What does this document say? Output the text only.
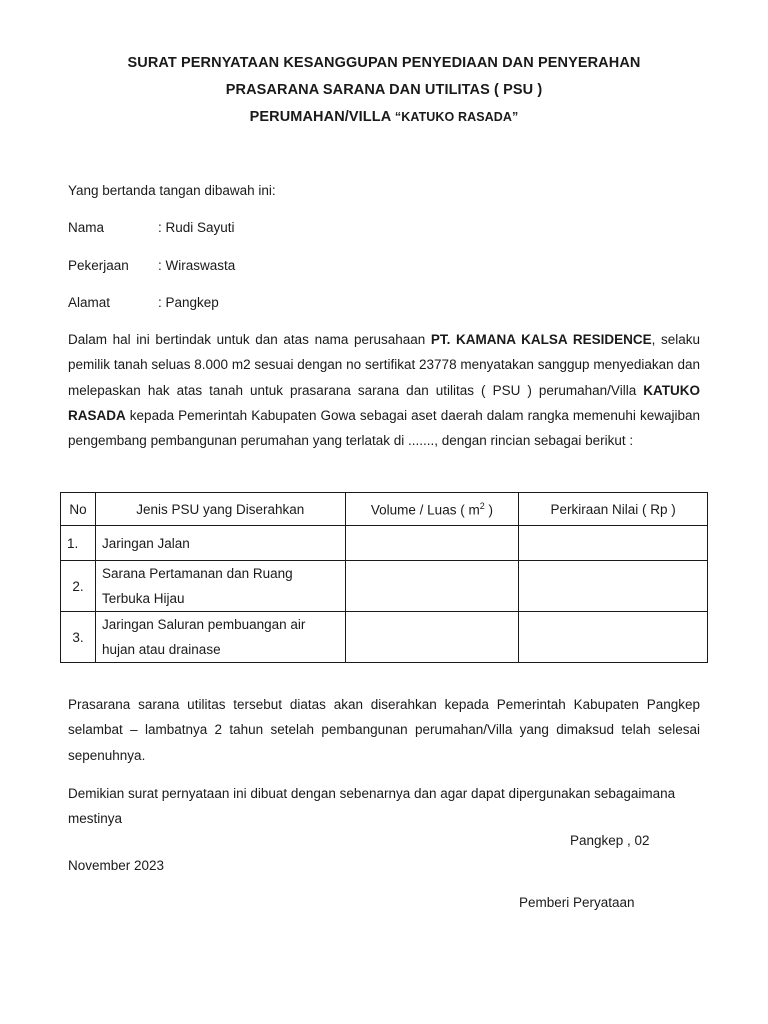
SURAT PERNYATAAN KESANGGUPAN PENYEDIAAN DAN PENYERAHAN
PRASARANA SARANA DAN UTILITAS ( PSU )
PERUMAHAN/VILLA “KATUKO RASADA”
Yang bertanda tangan dibawah ini:
Nama	: Rudi Sayuti
Pekerjaan : Wiraswasta
Alamat	: Pangkep
Dalam hal ini bertindak untuk dan atas nama perusahaan PT. KAMANA KALSA RESIDENCE, selaku pemilik tanah seluas 8.000 m2 sesuai dengan no sertifikat 23778 menyatakan sanggup menyediakan dan melepaskan hak atas tanah untuk prasarana sarana dan utilitas ( PSU ) perumahan/Villa KATUKO RASADA kepada Pemerintah Kabupaten Gowa sebagai aset daerah dalam rangka memenuhi kewajiban pengembang pembangunan perumahan yang terlatak di ......., dengan rincian sebagai berikut :
No	Jenis PSU yang Diserahkan	Volume / Luas ( $m^2$ )	Perkiraan Nilai ( Rp )
1.	Jaringan Jalan		
2.	Sarana Pertamanan dan Ruang Terbuka Hijau		
3.	Jaringan Saluran pembuangan air hujan atau drainase		
Prasarana sarana utilitas tersebut diatas akan diserahkan kepada Pemerintah Kabupaten Pangkep selambat – lambatnya 2 tahun setelah pembangunan perumahan/Villa yang dimaksud telah selesai sepenuhnya.
Demikian surat pernyataan ini dibuat dengan sebenarnya dan agar dapat dipergunakan sebagaimana mestinya
Pangkep , 02
November 2023
Pemberi Peryataan
